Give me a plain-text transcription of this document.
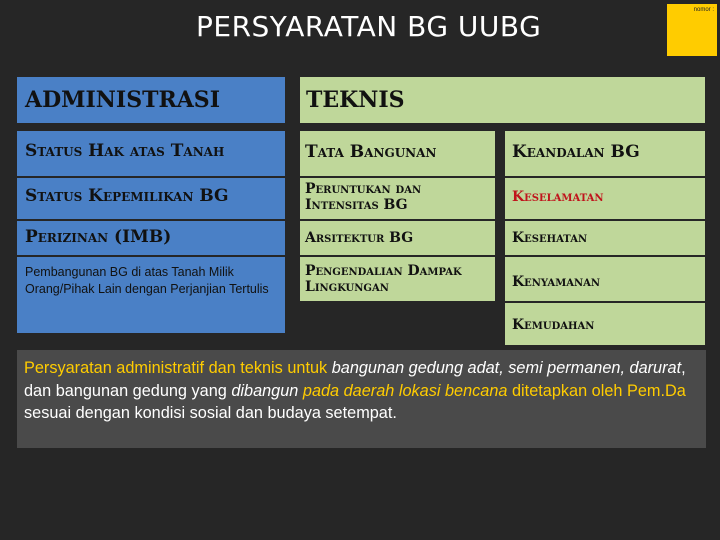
PERSYARATAN BG UUBG	nomor :
ADMINISTRASI
Status Hak atas Tanah
Status Kepemilikan BG
Perizinan (IMB)
Pembangunan BG di atas Tanah Milik Orang/Pihak Lain dengan Perjanjian Tertulis
TEKNIS
Tata Bangunan
Peruntukan dan Intensitas BG
Arsitektur BG
Pengendalian Dampak Lingkungan
Keandalan BG
Keselamatan
Kesehatan
Kenyamanan
Kemudahan
Persyaratan administratif dan teknis untuk bangunan gedung adat, semi permanen, darurat, dan bangunan gedung yang dibangun pada daerah lokasi bencana ditetapkan oleh Pem.Da sesuai dengan kondisi sosial dan budaya setempat.
